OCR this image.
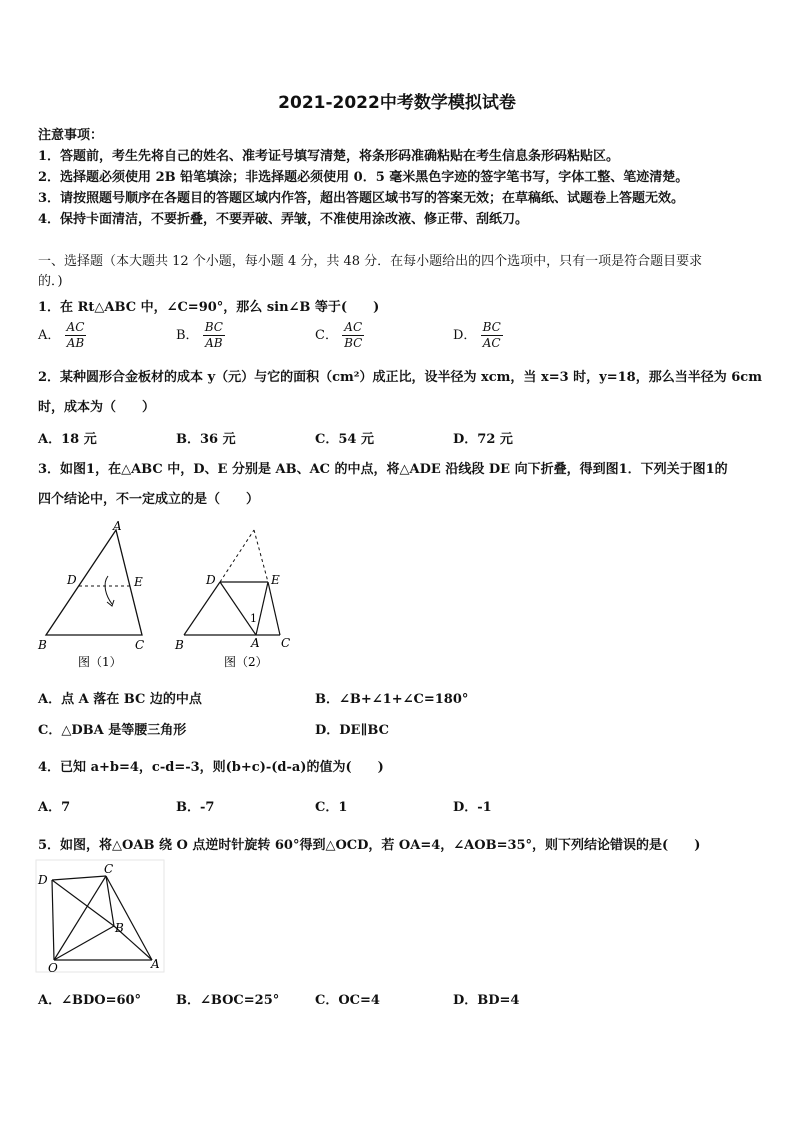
2021-2022中考数学模拟试卷
注意事项：
1．答题前，考生先将自己的姓名、准考证号填写清楚，将条形码准确粘贴在考生信息条形码粘贴区。
2．选择题必须使用 2B 铅笔填涂；非选择题必须使用 0．5 毫米黑色字迹的签字笔书写，字体工整、笔迹清楚。
3．请按照题号顺序在各题目的答题区域内作答，超出答题区域书写的答案无效；在草稿纸、试题卷上答题无效。
4．保持卡面清洁，不要折叠，不要弄破、弄皱，不准使用涂改液、修正带、刮纸刀。
一、选择题（本大题共 12 个小题，每小题 4 分，共 48 分．在每小题给出的四个选项中，只有一项是符合题目要求
的．)
1．在 Rt△ABC 中，∠C=90°，那么 sin∠B 等于(　　)
A． $\frac{AC}{AB}$	B． $\frac{BC}{AB}$	C． $\frac{AC}{BC}$	D． $\frac{BC}{AC}$
2．某种圆形合金板材的成本 y（元）与它的面积（cm²）成正比，设半径为 xcm，当 x=3 时，y=18，那么当半径为 6cm
时，成本为（　　）
A．18 元	B．36 元	C．54 元	D．72 元
3．如图1，在△ABC 中，D、E 分别是 AB、AC 的中点，将△ADE 沿线段 DE 向下折叠，得到图1．下列关于图1的
四个结论中，不一定成立的是（　　）
A
D	E
B	C
图（1）
D	E
1
B	A C
图（2）
A．点 A 落在 BC 边的中点	B．∠B+∠1+∠C=180°
C．△DBA 是等腰三角形	D．DE∥BC
4．已知 a+b=4，c-d=-3，则(b+c)-(d-a)的值为(　　)
A．7	B．-7	C．1	D．-1
5．如图，将△OAB 绕 O 点逆时针旋转 60°得到△OCD，若 OA=4，∠AOB=35°，则下列结论错误的是(　　)
D
C
B
O	A
A．∠BDO=60°	B．∠BOC=25°	C．OC=4	D．BD=4
